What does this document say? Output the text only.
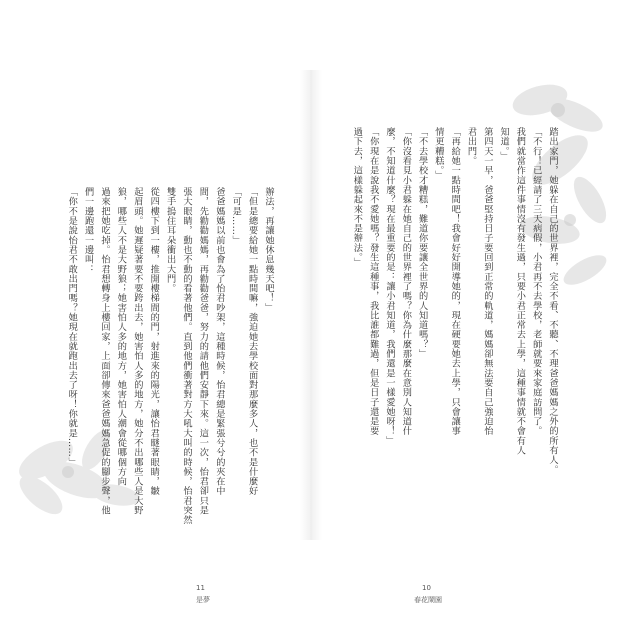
辦法，再讓她休息幾天吧！」
「但是總要給她一點時間嘛，強迫她去學校面對那麼多人，也不是什麼好
「可是……」
爸爸媽媽以前也會為了怡君吵架，這種時候，怡君總是緊張兮兮的夾在中
間，先勸勸媽媽，再勸勸爸爸，努力的請他們安靜下來。這一次，怡君卻只是
張大眼睛，動也不動的看著他們。直到他們衝著對方大吼大叫的時候，怡君突然
雙手摀住耳朵衝出大門。
從四樓下到一樓，推開樓梯間的門，射進來的陽光，讓怡君瞇著眼睛，皺
起眉頭。她遲疑著要不要跨出去，她害怕人多的地方，她分不出哪些人是大野
狼，哪些人不是大野狼；她害怕人多的地方，她害怕人潮會從哪個方向
過來把她吃掉。怡君想轉身上樓回家，上面卻傳來爸爸媽媽急促的腳步聲，他
們一邊跑還一邊叫：
「你不是說怡君不敢出門嗎？她現在就跑出去了呀！你就是……」
11
是夢
踏出家門，她躲在自己的世界裡，完全不看、不聽、不理爸爸媽媽之外的所有人。
「不行！已經請了三天病假，小君再不去學校，老師就要來家庭訪問了。
我們就當作這件事情沒有發生過，只要小君正常去上學，這種事情就不會有人
知道。」
第四天一早，爸爸堅持日子要回到正常的軌道，媽媽卻無法要自己強迫怡
君出門。
「再給她一點時間吧！我會好好開導她的，現在硬要她去上學，只會讓事
情更糟糕。」
「不去學校才糟糕，難道你要讓全世界的人知道嗎？」
「你沒看見小君躲在她自己的世界裡了嗎？你為什麼那麼在意別人知道什
麼，不知道什麼？現在最重要的是：讓小君知道，我們還是一樣愛她呀！」
「你現在是說我不愛她嗎？發生這種事，我比誰都難過，但是日子還是要
過下去，這樣躲起來不是辦法。」
10
春花鬧園
